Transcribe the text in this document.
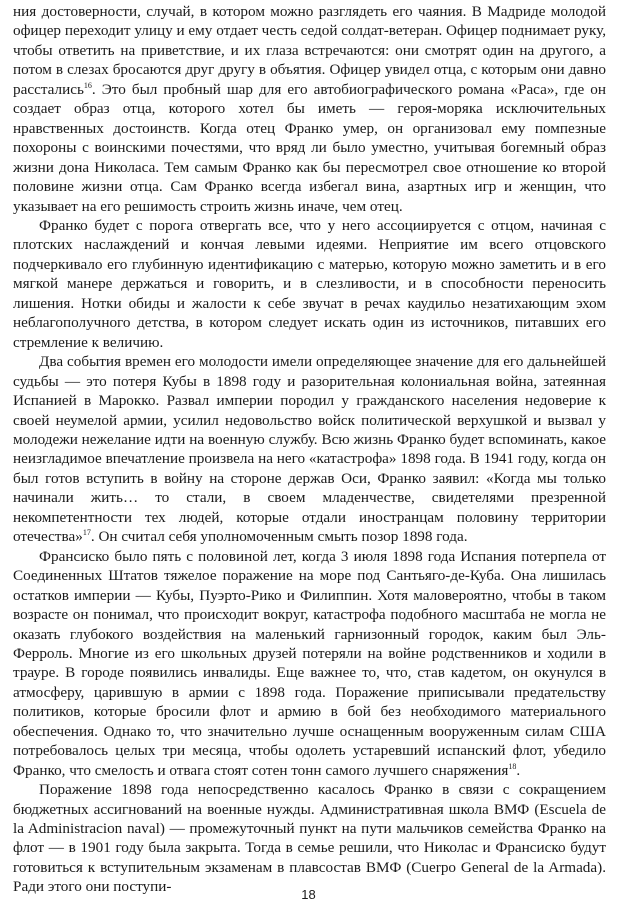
ния достоверности, случай, в котором можно разглядеть его чаяния. В Мадриде молодой офицер переходит улицу и ему отдает честь седой солдат-ветеран. Офицер поднимает руку, чтобы ответить на приветствие, и их глаза встречаются: они смотрят один на другого, а потом в слезах бросаются друг другу в объятия. Офицер увидел отца, с которым они давно расстались$^{16}$. Это был пробный шар для его автобиографического романа «Раса», где он создает образ отца, которого хотел бы иметь — героя-моряка исключительных нравственных достоинств. Когда отец Франко умер, он организовал ему помпезные похороны с воинскими почестями, что вряд ли было уместно, учитывая богемный образ жизни дона Николаса. Тем самым Франко как бы пересмотрел свое отношение ко второй половине жизни отца. Сам Франко всегда избегал вина, азартных игр и женщин, что указывает на его решимость строить жизнь иначе, чем отец.

Франко будет с порога отвергать все, что у него ассоциируется с отцом, начиная с плотских наслаждений и кончая левыми идеями. Неприятие им всего отцовского подчеркивало его глубинную идентификацию с матерью, которую можно заметить и в его мягкой манере держаться и говорить, и в слезливости, и в способности переносить лишения. Нотки обиды и жалости к себе звучат в речах каудильо незатихающим эхом неблагополучного детства, в котором следует искать один из источников, питавших его стремление к величию.

Два события времен его молодости имели определяющее значение для его дальнейшей судьбы — это потеря Кубы в 1898 году и разорительная колониальная война, затеянная Испанией в Марокко. Развал империи породил у гражданского населения недоверие к своей неумелой армии, усилил недовольство войск политической верхушкой и вызвал у молодежи нежелание идти на военную службу. Всю жизнь Франко будет вспоминать, какое неизгладимое впечатление произвела на него «катастрофа» 1898 года. В 1941 году, когда он был готов вступить в войну на стороне держав Оси, Франко заявил: «Когда мы только начинали жить… то стали, в своем младенчестве, свидетелями презренной некомпетентности тех людей, которые отдали иностранцам половину территории отечества»$^{17}$. Он считал себя уполномоченным смыть позор 1898 года.

Франсиско было пять с половиной лет, когда 3 июля 1898 года Испания потерпела от Соединенных Штатов тяжелое поражение на море под Сантьяго-де-Куба. Она лишилась остатков империи — Кубы, Пуэрто-Рико и Филиппин. Хотя маловероятно, чтобы в таком возрасте он понимал, что происходит вокруг, катастрофа подобного масштаба не могла не оказать глубокого воздействия на маленький гарнизонный городок, каким был Эль-Ферроль. Многие из его школьных друзей потеряли на войне родственников и ходили в трауре. В городе появились инвалиды. Еще важнее то, что, став кадетом, он окунулся в атмосферу, царившую в армии с 1898 года. Поражение приписывали предательству политиков, которые бросили флот и армию в бой без необходимого материального обеспечения. Однако то, что значительно лучше оснащенным вооруженным силам США потребовалось целых три месяца, чтобы одолеть устаревший испанский флот, убедило Франко, что смелость и отвага стоят сотен тонн самого лучшего снаряжения$^{18}$.

Поражение 1898 года непосредственно касалось Франко в связи с сокращением бюджетных ассигнований на военные нужды. Административная школа ВМФ (Escuela de la Administracion naval) — промежуточный пункт на пути мальчиков семейства Франко на флот — в 1901 году была закрыта. Тогда в семье решили, что Николас и Франсиско будут готовиться к вступительным экзаменам в плавсостав ВМФ (Cuerpo General de la Armada). Ради этого они поступи-	18
